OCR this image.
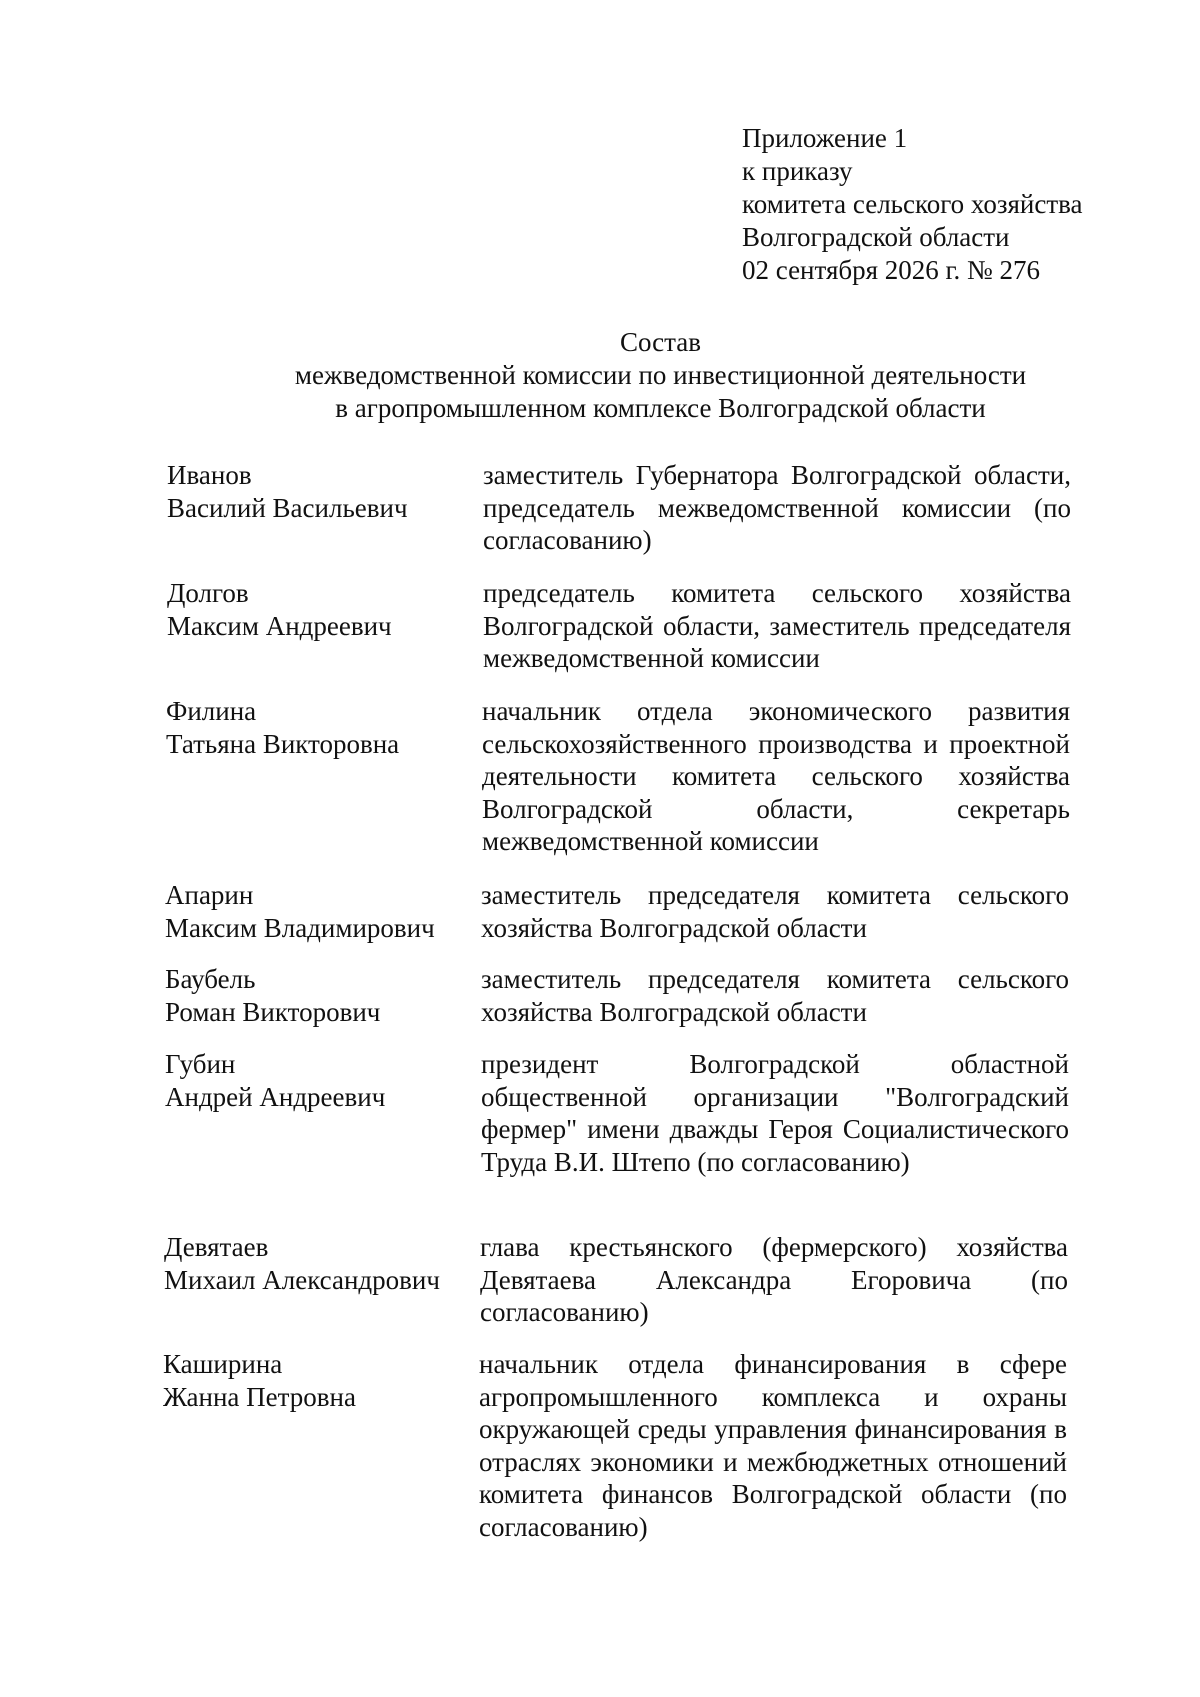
Приложение 1
к приказу
комитета сельского хозяйства
Волгоградской области
02 сентября 2026 г. № 276
Состав
межведомственной комиссии по инвестиционной деятельности
в агропромышленном комплексе Волгоградской области
Иванов
Василий Васильевич
заместитель Губернатора Волгоградской области, председатель межведомственной комиссии (по согласованию)
Долгов
Максим Андреевич
председатель комитета сельского хозяйства Волгоградской области, заместитель председателя межведомственной комиссии
Филина
Татьяна Викторовна
начальник отдела экономического развития сельскохозяйственного производства и проектной деятельности комитета сельского хозяйства Волгоградской области, секретарь межведомственной комиссии
Апарин
Максим Владимирович
заместитель председателя комитета сельского хозяйства Волгоградской области
Баубель
Роман Викторович
заместитель председателя комитета сельского хозяйства Волгоградской области
Губин
Андрей Андреевич
президент Волгоградской областной общественной организации "Волгоградский фермер" имени дважды Героя Социалистического Труда В.И. Штепо (по согласованию)
Девятаев
Михаил Александрович
глава крестьянского (фермерского) хозяйства Девятаева Александра Егоровича (по согласованию)
Каширина
Жанна Петровна
начальник отдела финансирования в сфере агропромышленного комплекса и охраны окружающей среды управления финансирования в отраслях экономики и межбюджетных отношений комитета финансов Волгоградской области (по согласованию)
